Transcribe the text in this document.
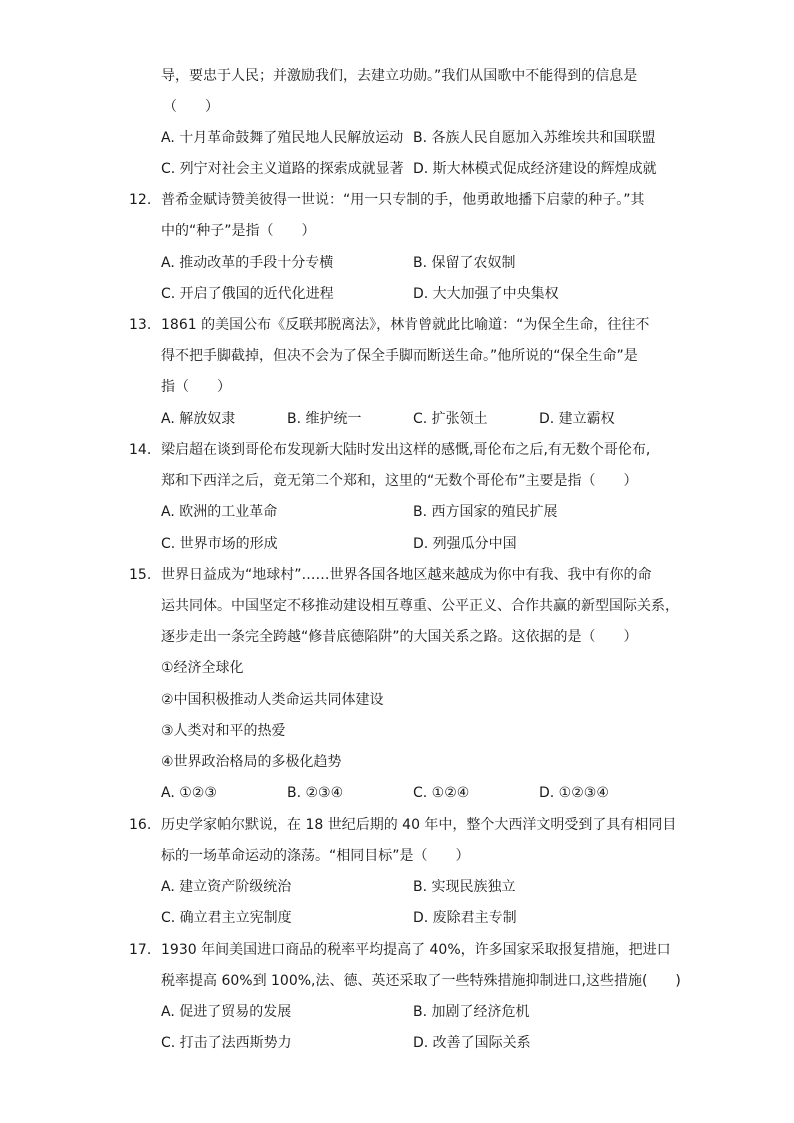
导，要忠于人民；并激励我们，去建立功勋。”我们从国歌中不能得到的信息是
（　　）
A. 十月革命鼓舞了殖民地人民解放运动 B. 各族人民自愿加入苏维埃共和国联盟
C. 列宁对社会主义道路的探索成就显著 D. 斯大林模式促成经济建设的辉煌成就
12. 普希金赋诗赞美彼得一世说：“用一只专制的手，他勇敢地播下启蒙的种子。”其
中的“种子”是指（　　）
A. 推动改革的手段十分专横	B. 保留了农奴制
C. 开启了俄国的近代化进程	D. 大大加强了中央集权
13. 1861 的美国公布《反联邦脱离法》，林肯曾就此比喻道：“为保全生命，往往不
得不把手脚截掉，但决不会为了保全手脚而断送生命。”他所说的“保全生命”是
指（　　）
A. 解放奴隶	B. 维护统一	C. 扩张领土	D. 建立霸权
14. 梁启超在谈到哥伦布发现新大陆时发出这样的感慨,哥伦布之后,有无数个哥伦布,
郑和下西洋之后，竟无第二个郑和，这里的“无数个哥伦布”主要是指（　　）
A. 欧洲的工业革命	B. 西方国家的殖民扩展
C. 世界市场的形成	D. 列强瓜分中国
15. 世界日益成为“地球村”……世界各国各地区越来越成为你中有我、我中有你的命
运共同体。中国坚定不移推动建设相互尊重、公平正义、合作共赢的新型国际关系，
逐步走出一条完全跨越“修昔底德陷阱”的大国关系之路。这依据的是（　　）
①经济全球化
②中国积极推动人类命运共同体建设
③人类对和平的热爱
④世界政治格局的多极化趋势
A. ①②③	B. ②③④	C. ①②④	D. ①②③④
16. 历史学家帕尔默说，在 18 世纪后期的 40 年中，整个大西洋文明受到了具有相同目
标的一场革命运动的涤荡。“相同目标”是（　　）
A. 建立资产阶级统治	B. 实现民族独立
C. 确立君主立宪制度	D. 废除君主专制
17. 1930 年间美国进口商品的税率平均提高了 40%，许多国家采取报复措施，把进口
税率提高 60%到 100%,法、德、英还采取了一些特殊措施抑制进口,这些措施(　　)
A. 促进了贸易的发展	B. 加剧了经济危机
C. 打击了法西斯势力	D. 改善了国际关系
